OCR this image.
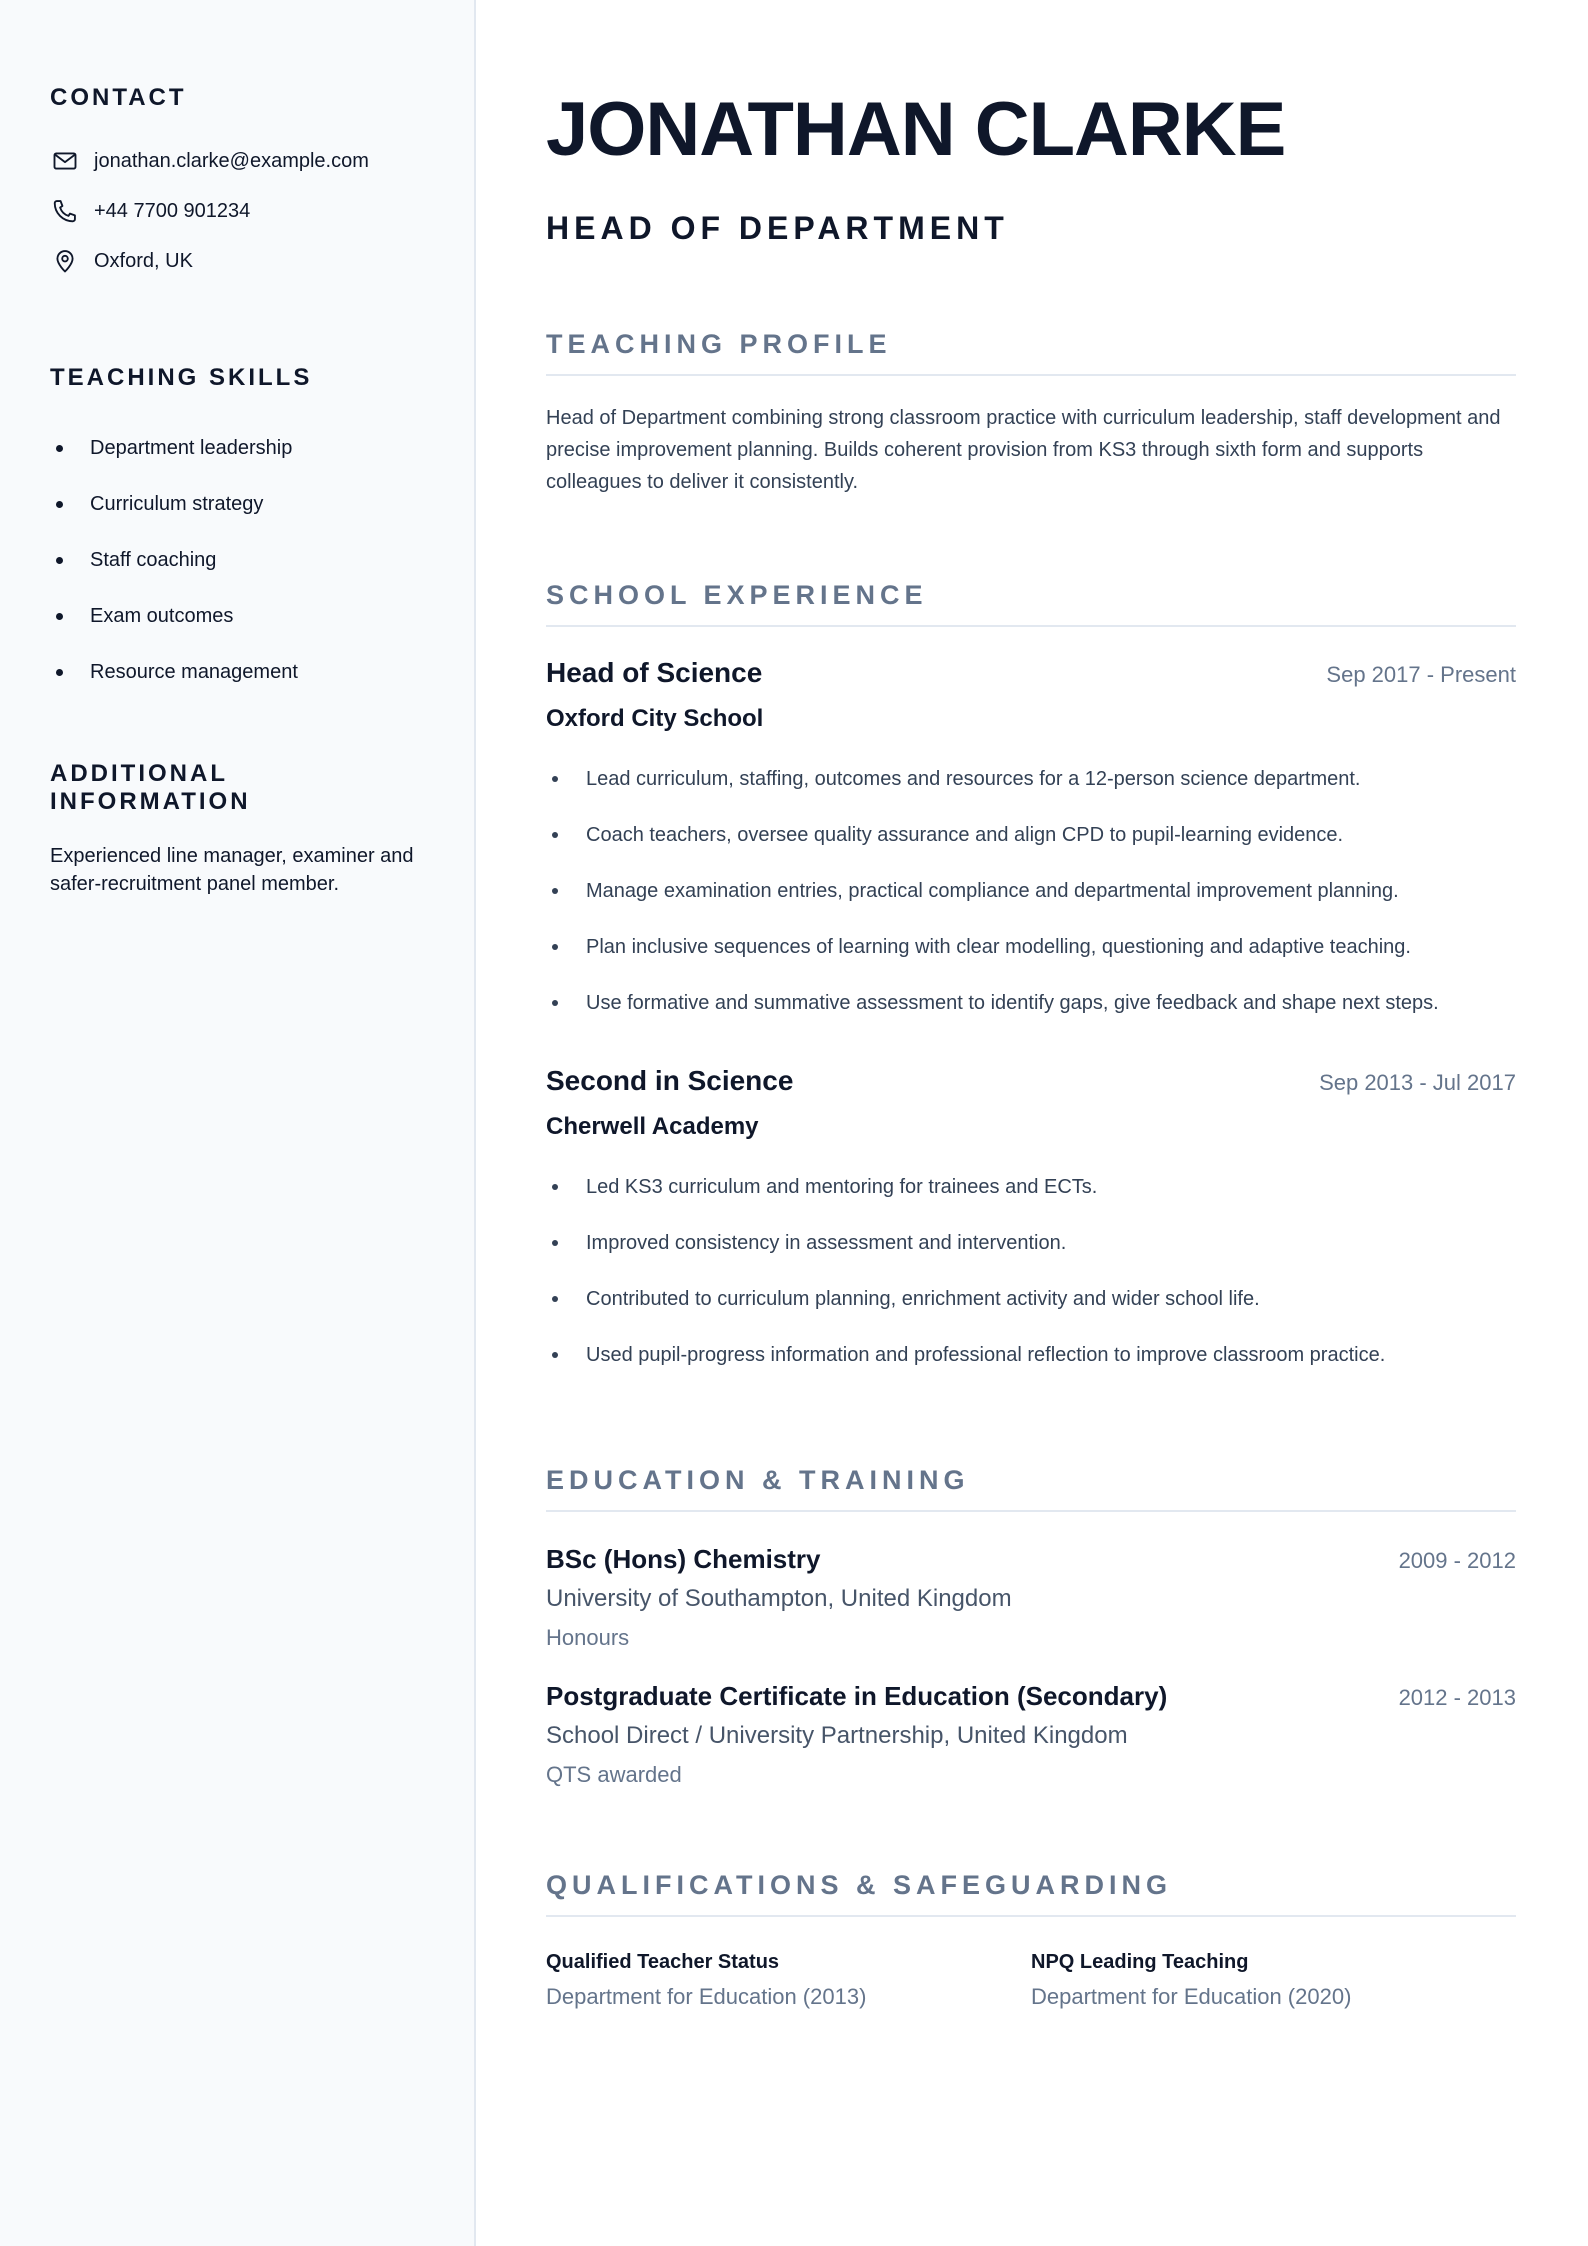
CONTACT
jonathan.clarke@example.com
+44 7700 901234
Oxford, UK
TEACHING SKILLS
Department leadership
Curriculum strategy
Staff coaching
Exam outcomes
Resource management
ADDITIONAL INFORMATION

Experienced line manager, examiner and safer-recruitment panel member.

JONATHAN CLARKE
HEAD OF DEPARTMENT
TEACHING PROFILE

Head of Department combining strong classroom practice with curriculum leadership, staff development and precise improvement planning. Builds coherent provision from KS3 through sixth form and supports colleagues to deliver it consistently.

SCHOOL EXPERIENCE
Head of Science	Sep 2017 - Present
Oxford City School
Lead curriculum, staffing, outcomes and resources for a 12-person science department.
Coach teachers, oversee quality assurance and align CPD to pupil-learning evidence.
Manage examination entries, practical compliance and departmental improvement planning.
Plan inclusive sequences of learning with clear modelling, questioning and adaptive teaching.
Use formative and summative assessment to identify gaps, give feedback and shape next steps.
Second in Science	Sep 2013 - Jul 2017
Cherwell Academy
Led KS3 curriculum and mentoring for trainees and ECTs.
Improved consistency in assessment and intervention.
Contributed to curriculum planning, enrichment activity and wider school life.
Used pupil-progress information and professional reflection to improve classroom practice.
EDUCATION & TRAINING
BSc (Hons) Chemistry	2009 - 2012
University of Southampton, United Kingdom
Honours
Postgraduate Certificate in Education (Secondary)	2012 - 2013
School Direct / University Partnership, United Kingdom
QTS awarded
QUALIFICATIONS & SAFEGUARDING
Qualified Teacher Status
Department for Education (2013)
NPQ Leading Teaching
Department for Education (2020)
